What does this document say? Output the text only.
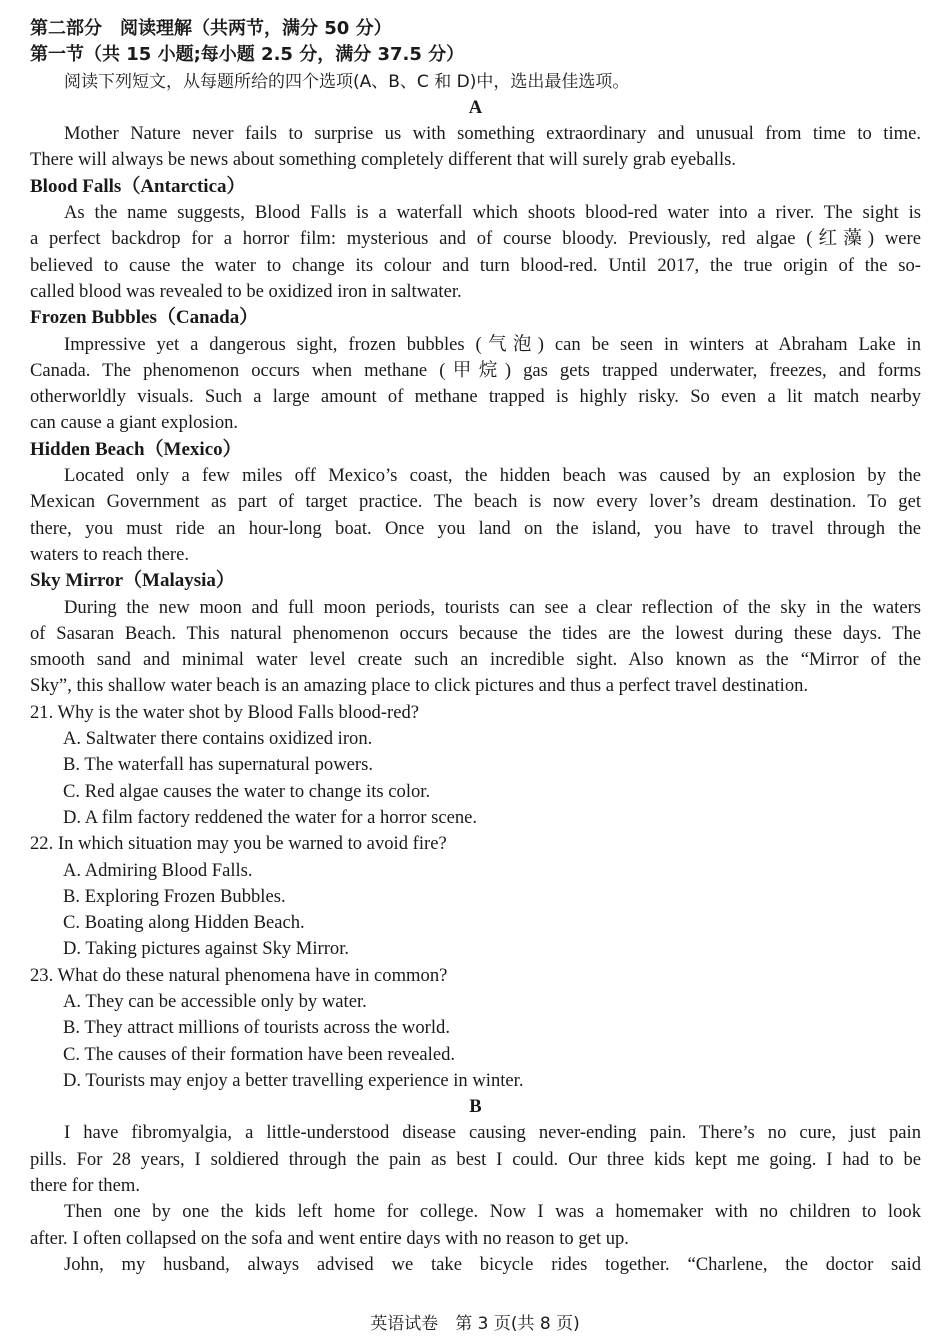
第二部分　阅读理解（共两节，满分 50 分）
第一节（共 15 小题;每小题 2.5 分，满分 37.5 分）
阅读下列短文，从每题所给的四个选项(A、B、C 和 D)中，选出最佳选项。
A
Mother Nature never fails to surprise us with something extraordinary and unusual from time to time.
There will always be news about something completely different that will surely grab eyeballs.
Blood Falls（Antarctica）
As the name suggests, Blood Falls is a waterfall which shoots blood-red water into a river. The sight is
a perfect backdrop for a horror film: mysterious and of course bloody. Previously, red algae (红藻) were
believed to cause the water to change its colour and turn blood-red. Until 2017, the true origin of the so-
called blood was revealed to be oxidized iron in saltwater.
Frozen Bubbles（Canada）
Impressive yet a dangerous sight, frozen bubbles (气泡) can be seen in winters at Abraham Lake in
Canada. The phenomenon occurs when methane (甲烷) gas gets trapped underwater, freezes, and forms
otherworldly visuals. Such a large amount of methane trapped is highly risky. So even a lit match nearby
can cause a giant explosion.
Hidden Beach（Mexico）
Located only a few miles off Mexico’s coast, the hidden beach was caused by an explosion by the
Mexican Government as part of target practice. The beach is now every lover’s dream destination. To get
there, you must ride an hour-long boat. Once you land on the island, you have to travel through the
waters to reach there.
Sky Mirror（Malaysia）
During the new moon and full moon periods, tourists can see a clear reflection of the sky in the waters
of Sasaran Beach. This natural phenomenon occurs because the tides are the lowest during these days. The
smooth sand and minimal water level create such an incredible sight. Also known as the “Mirror of the
Sky”, this shallow water beach is an amazing place to click pictures and thus a perfect travel destination.
21. Why is the water shot by Blood Falls blood-red?
A. Saltwater there contains oxidized iron.
B. The waterfall has supernatural powers.
C. Red algae causes the water to change its color.
D. A film factory reddened the water for a horror scene.
22. In which situation may you be warned to avoid fire?
A. Admiring Blood Falls.
B. Exploring Frozen Bubbles.
C. Boating along Hidden Beach.
D. Taking pictures against Sky Mirror.
23. What do these natural phenomena have in common?
A. They can be accessible only by water.
B. They attract millions of tourists across the world.
C. The causes of their formation have been revealed.
D. Tourists may enjoy a better travelling experience in winter.
B
I have fibromyalgia, a little-understood disease causing never-ending pain. There’s no cure, just pain
pills. For 28 years, I soldiered through the pain as best I could. Our three kids kept me going. I had to be
there for them.
Then one by one the kids left home for college. Now I was a homemaker with no children to look
after. I often collapsed on the sofa and went entire days with no reason to get up.
John, my husband, always advised we take bicycle rides together. “Charlene, the doctor said
英语试卷　第 3 页(共 8 页)
